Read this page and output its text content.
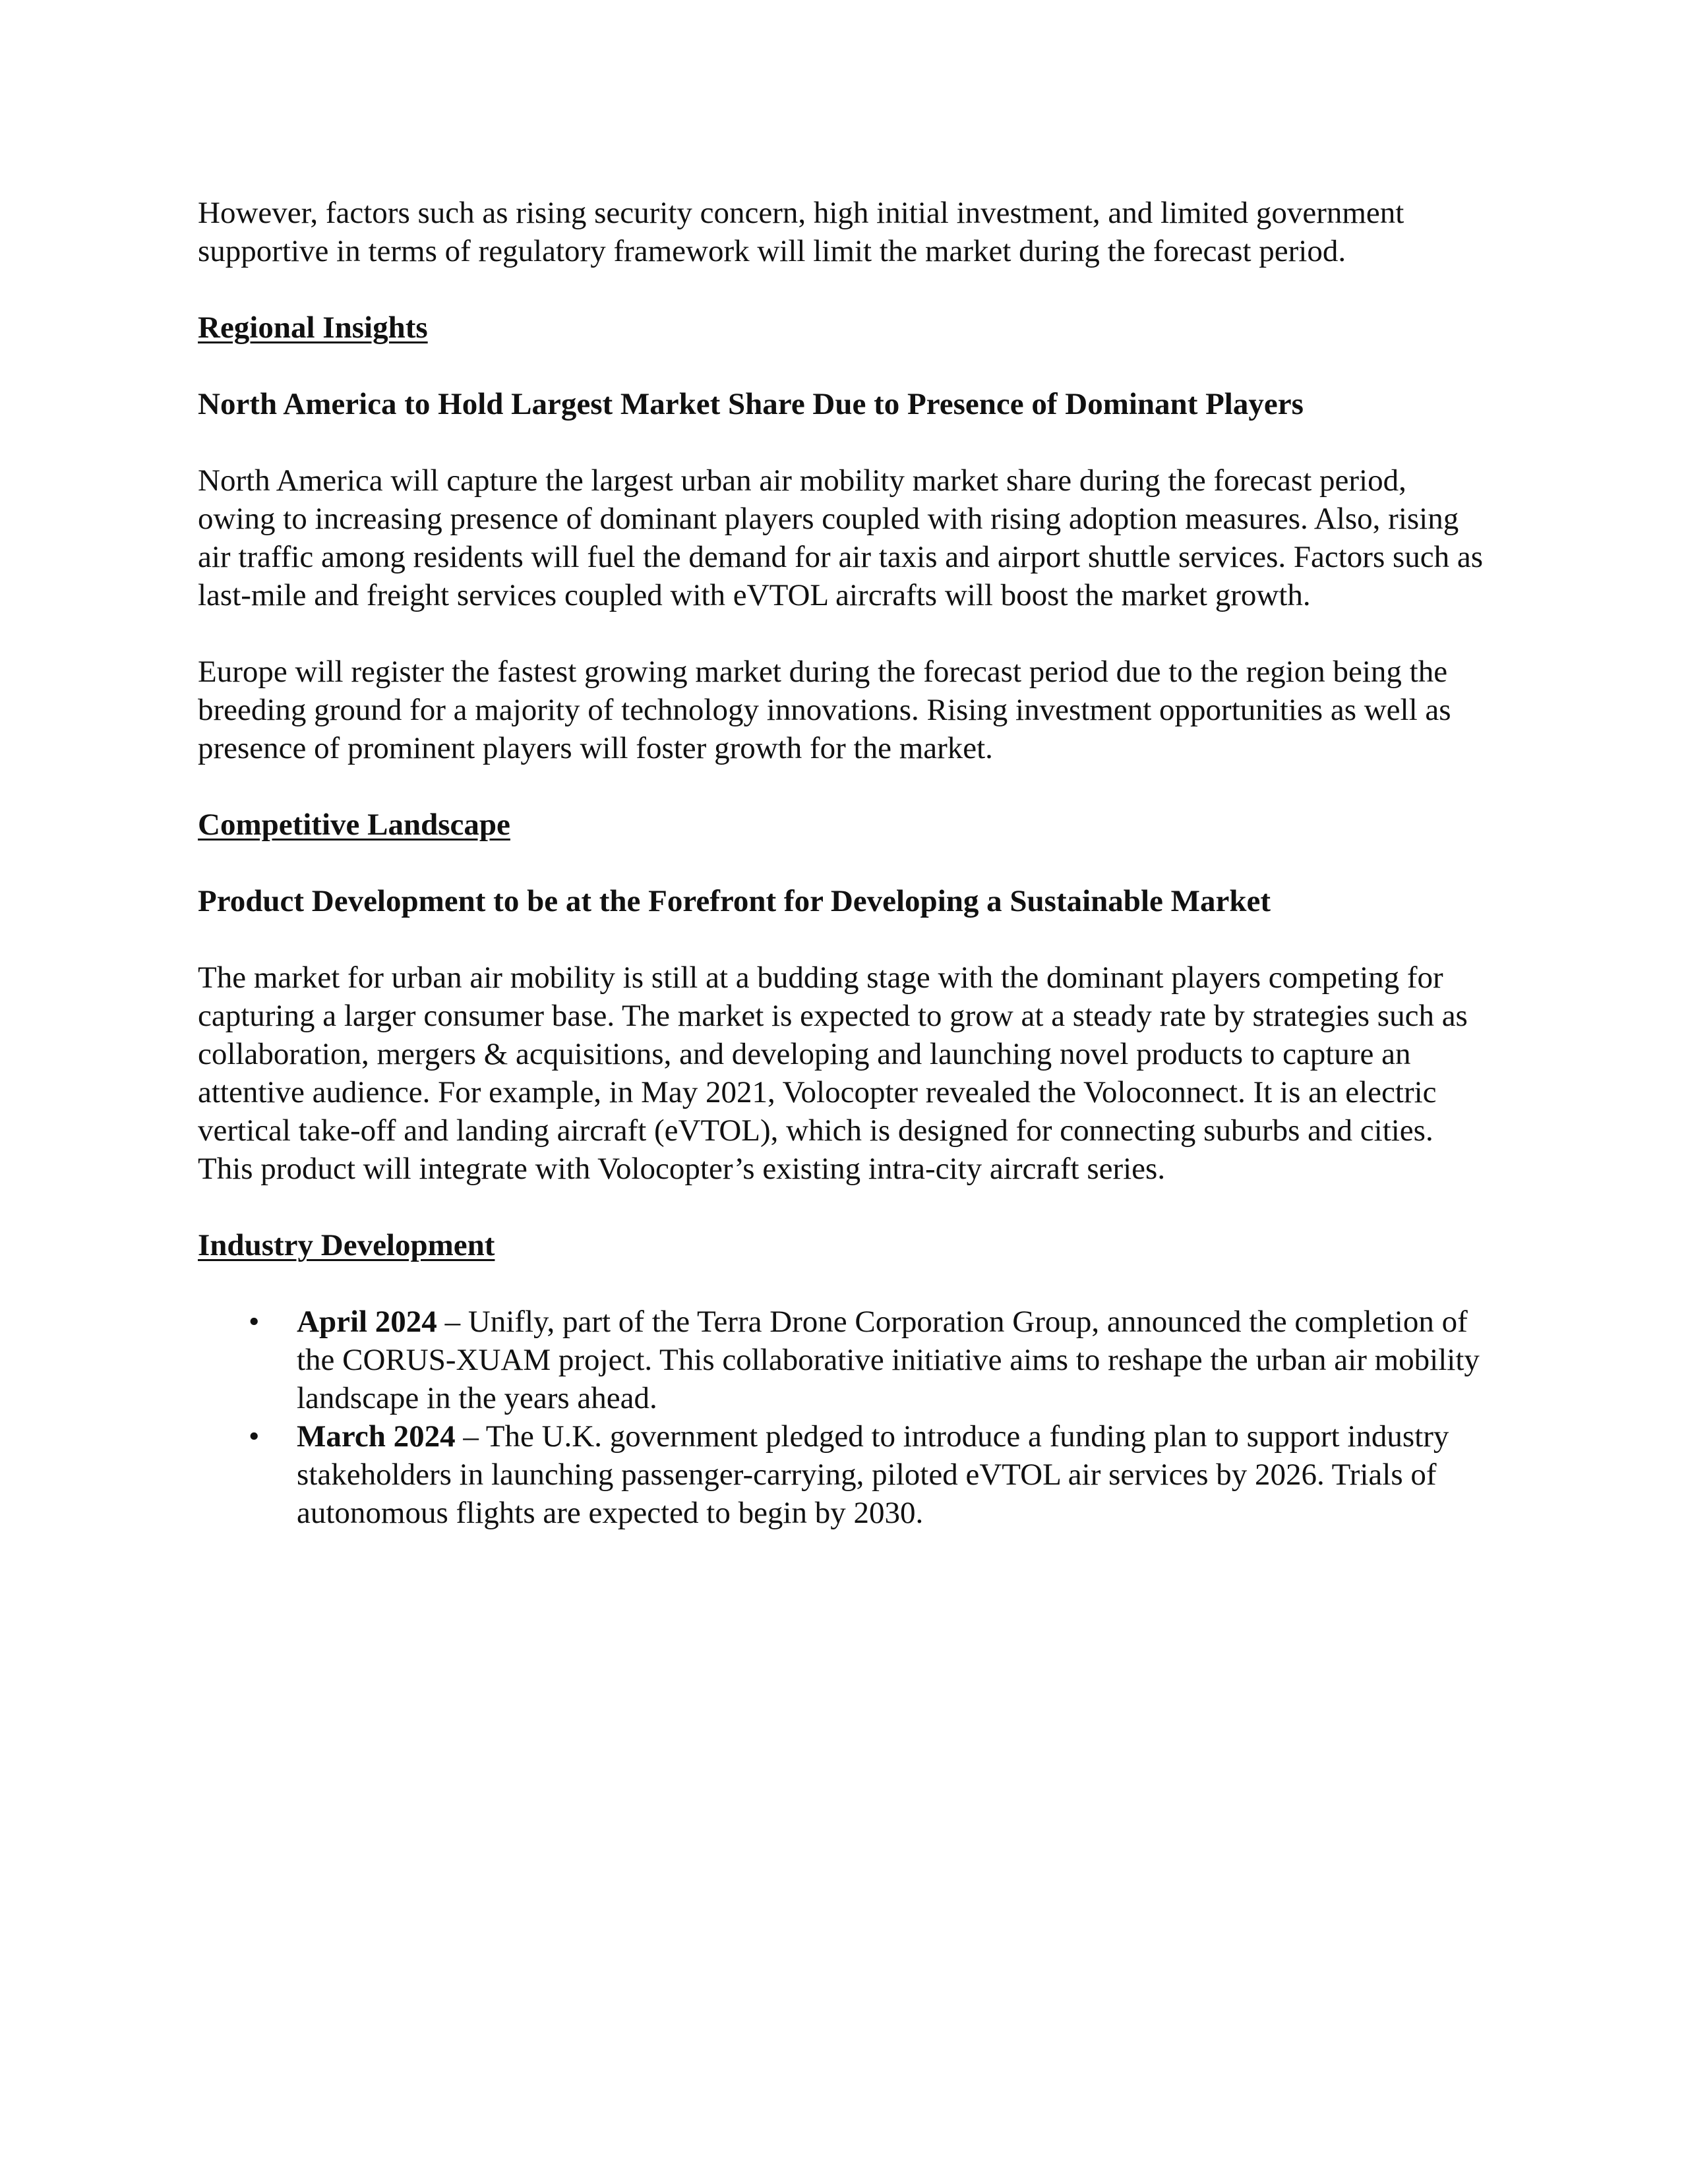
However, factors such as rising security concern, high initial investment, and limited government supportive in terms of regulatory framework will limit the market during the forecast period.

Regional Insights
North America to Hold Largest Market Share Due to Presence of Dominant Players

North America will capture the largest urban air mobility market share during the forecast period, owing to increasing presence of dominant players coupled with rising adoption measures. Also, rising air traffic among residents will fuel the demand for air taxis and airport shuttle services. Factors such as last-mile and freight services coupled with eVTOL aircrafts will boost the market growth.

Europe will register the fastest growing market during the forecast period due to the region being the breeding ground for a majority of technology innovations. Rising investment opportunities as well as presence of prominent players will foster growth for the market.

Competitive Landscape
Product Development to be at the Forefront for Developing a Sustainable Market

The market for urban air mobility is still at a budding stage with the dominant players competing for capturing a larger consumer base. The market is expected to grow at a steady rate by strategies such as collaboration, mergers & acquisitions, and developing and launching novel products to capture an attentive audience. For example, in May 2021, Volocopter revealed the Voloconnect. It is an electric vertical take-off and landing aircraft (eVTOL), which is designed for connecting suburbs and cities. This product will integrate with Volocopter’s existing intra-city aircraft series.

Industry Development
•	April 2024 – Unifly, part of the Terra Drone Corporation Group, announced the completion of the CORUS-XUAM project. This collaborative initiative aims to reshape the urban air mobility landscape in the years ahead.
•	March 2024 – The U.K. government pledged to introduce a funding plan to support industry stakeholders in launching passenger-carrying, piloted eVTOL air services by 2026. Trials of autonomous flights are expected to begin by 2030.
